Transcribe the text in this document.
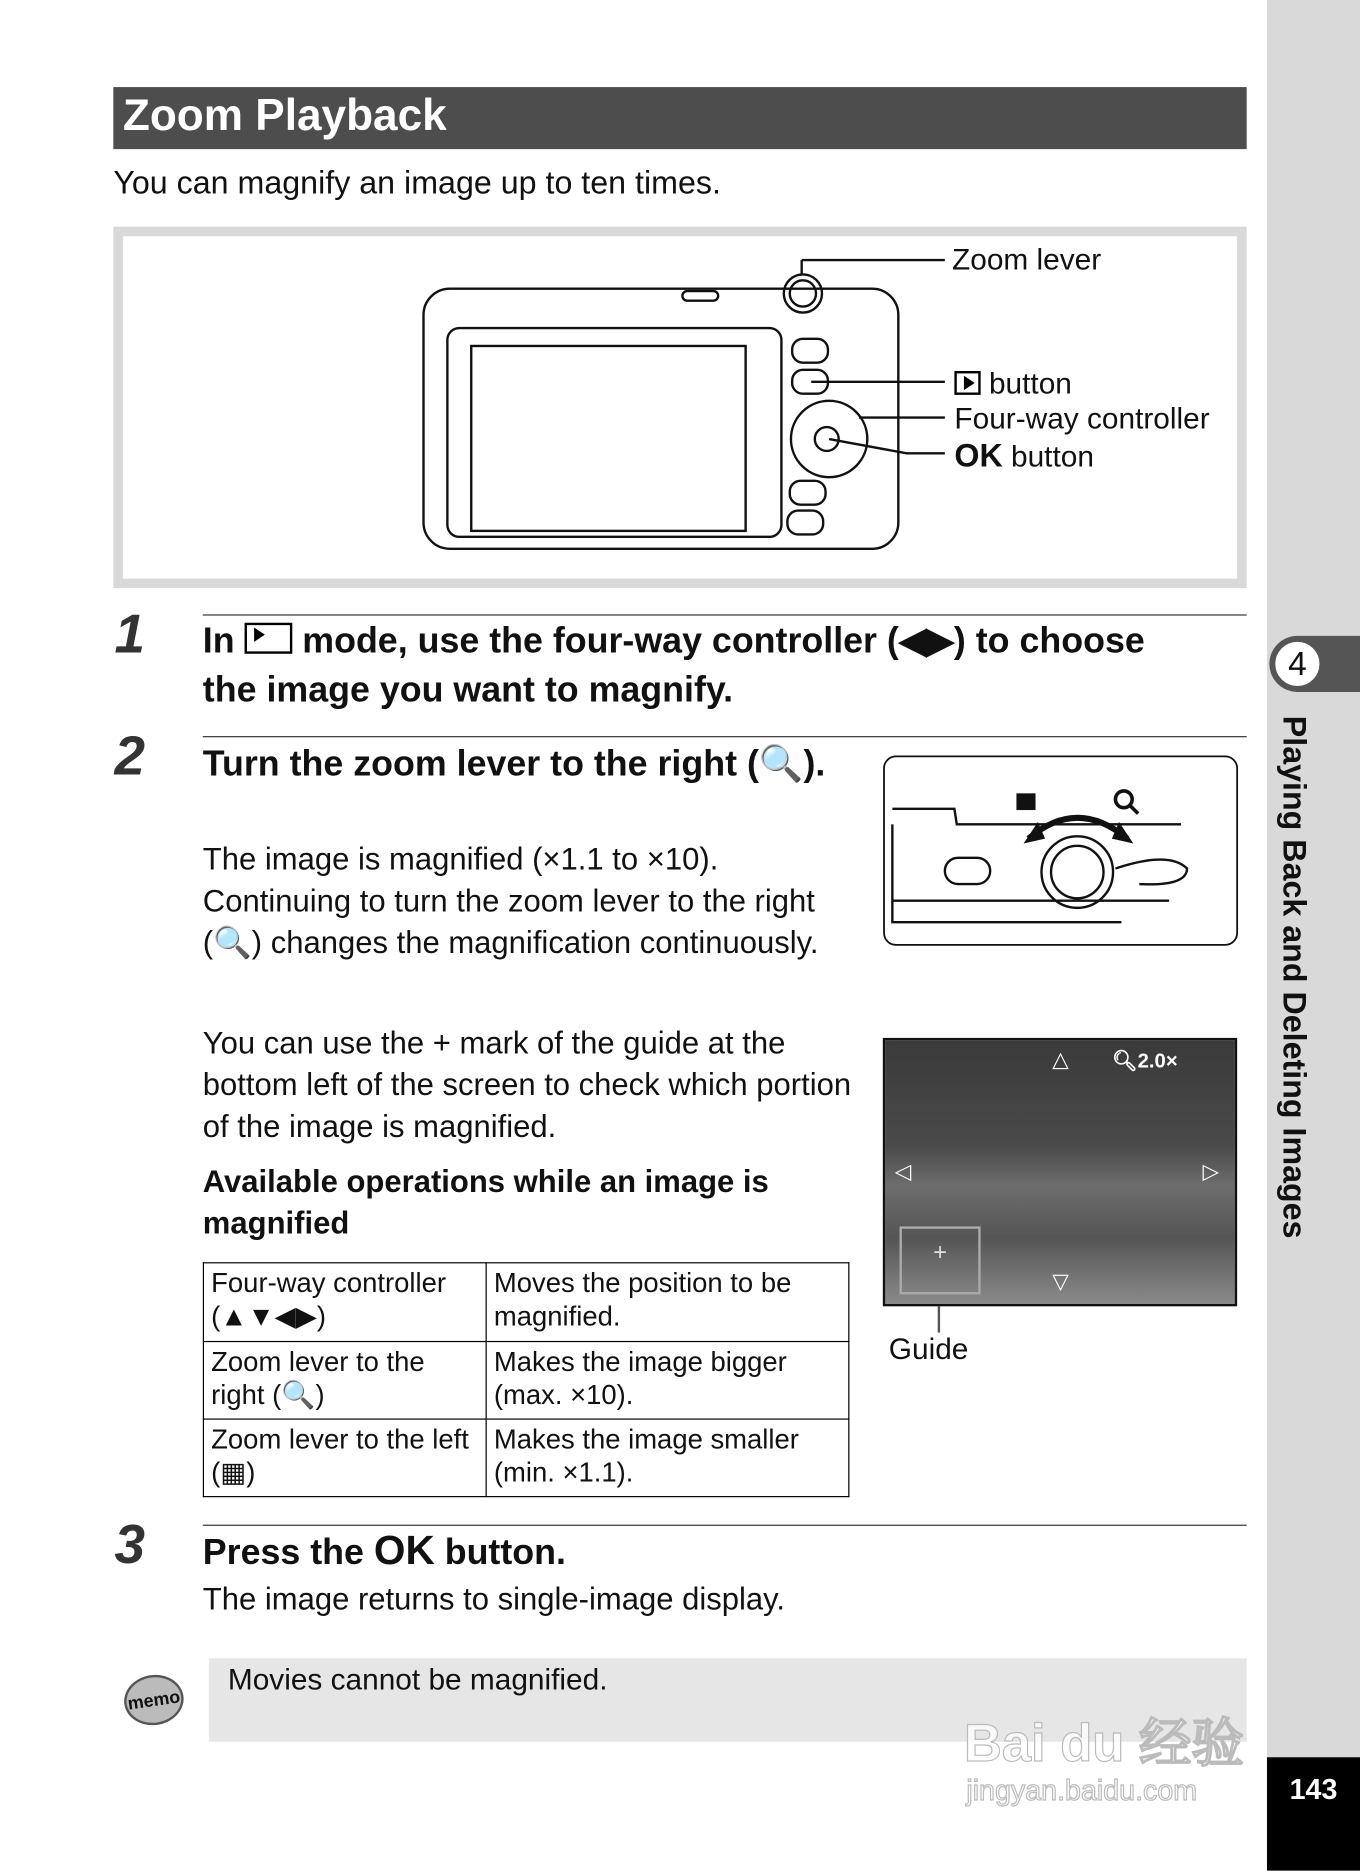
4
Playing Back and Deleting Images
143
Zoom Playback
You can magnify an image up to ten times.
Zoom lever
button
Four-way controller
OK button
1 In mode, use the four-way controller (◀▶) to choose the image you want to magnify.
2 Turn the zoom lever to the right (🔍).
The image is magnified (×1.1 to ×10). Continuing to turn the zoom lever to the right (🔍) changes the magnification continuously.
You can use the + mark of the guide at the bottom left of the screen to check which portion of the image is magnified.
Available operations while an image is magnified
Four-way controller (▲▼◀▶)	Moves the position to be magnified.
Zoom lever to the right (🔍)	Makes the image bigger (max. ×10).
Zoom lever to the left (▦)	Makes the image smaller (min. ×1.1).
△
◁	▷
▽
🔍︎2.0×
+
Guide
3 Press the OK button.
The image returns to single-image display.
memo
Movies cannot be magnified.
Bai du 经验
jingyan.baidu.com
